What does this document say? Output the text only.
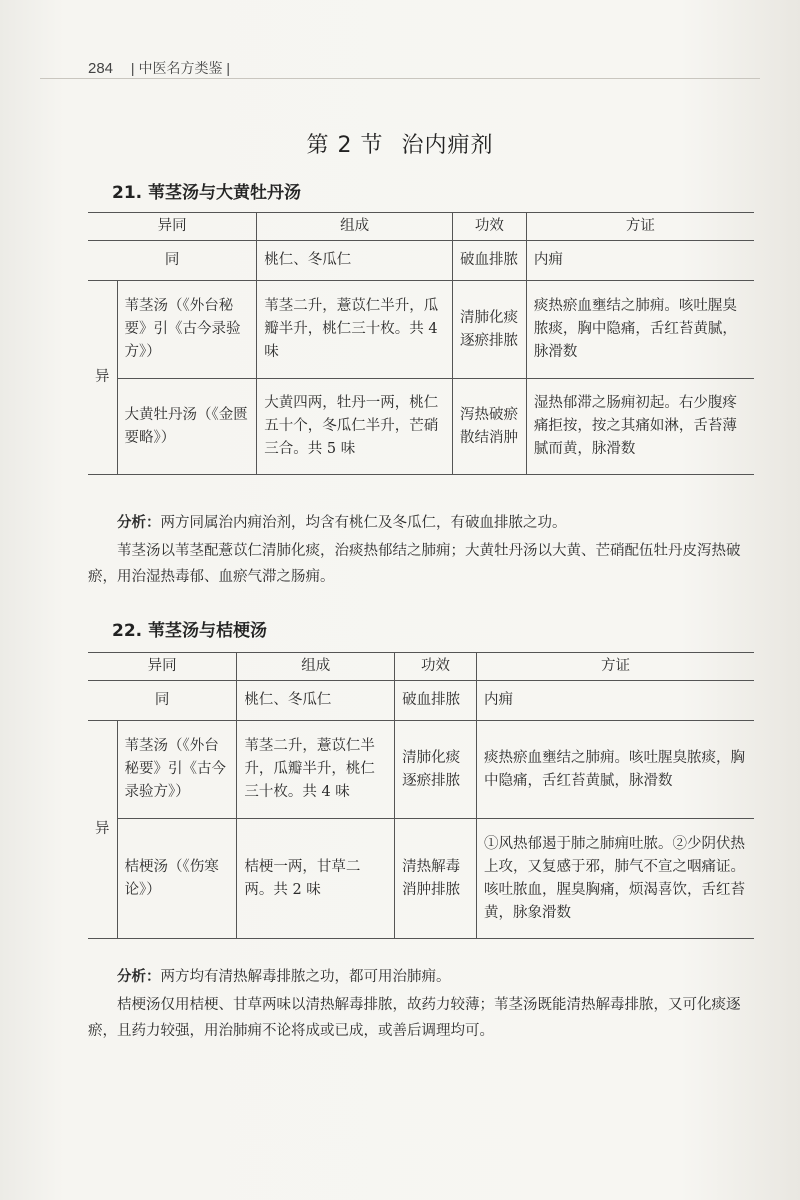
284 | 中医名方类鉴 |
第 2 节 治内痈剂
21. 苇茎汤与大黄牡丹汤
异同		组成	功效	方证
同		桃仁、冬瓜仁	破血排脓	内痈
异	苇茎汤（《外台秘要》引《古今录验方》）	苇茎二升，薏苡仁半升，瓜瓣半升，桃仁三十枚。共 4 味	清肺化痰逐瘀排脓	痰热瘀血壅结之肺痈。咳吐腥臭脓痰，胸中隐痛，舌红苔黄腻，脉滑数
	大黄牡丹汤（《金匮要略》）	大黄四两，牡丹一两，桃仁五十个，冬瓜仁半升，芒硝三合。共 5 味	泻热破瘀散结消肿	湿热郁滞之肠痈初起。右少腹疼痛拒按，按之其痛如淋，舌苔薄腻而黄，脉滑数
分析：两方同属治内痈治剂，均含有桃仁及冬瓜仁，有破血排脓之功。
苇茎汤以苇茎配薏苡仁清肺化痰，治痰热郁结之肺痈；大黄牡丹汤以大黄、芒硝配伍牡丹皮泻热破瘀，用治湿热毒郁、血瘀气滞之肠痈。
22. 苇茎汤与桔梗汤
异同		组成	功效	方证
同		桃仁、冬瓜仁	破血排脓	内痈
异	苇茎汤（《外台秘要》引《古今录验方》）	苇茎二升，薏苡仁半升，瓜瓣半升，桃仁三十枚。共 4 味	清肺化痰逐瘀排脓	痰热瘀血壅结之肺痈。咳吐腥臭脓痰，胸中隐痛，舌红苔黄腻，脉滑数
	桔梗汤（《伤寒论》）	桔梗一两，甘草二两。共 2 味	清热解毒消肿排脓	①风热郁遏于肺之肺痈吐脓。②少阴伏热上攻，又复感于邪，肺气不宣之咽痛证。咳吐脓血，腥臭胸痛，烦渴喜饮，舌红苔黄，脉象滑数
分析：两方均有清热解毒排脓之功，都可用治肺痈。
桔梗汤仅用桔梗、甘草两味以清热解毒排脓，故药力较薄；苇茎汤既能清热解毒排脓，又可化痰逐瘀，且药力较强，用治肺痈不论将成或已成，或善后调理均可。
